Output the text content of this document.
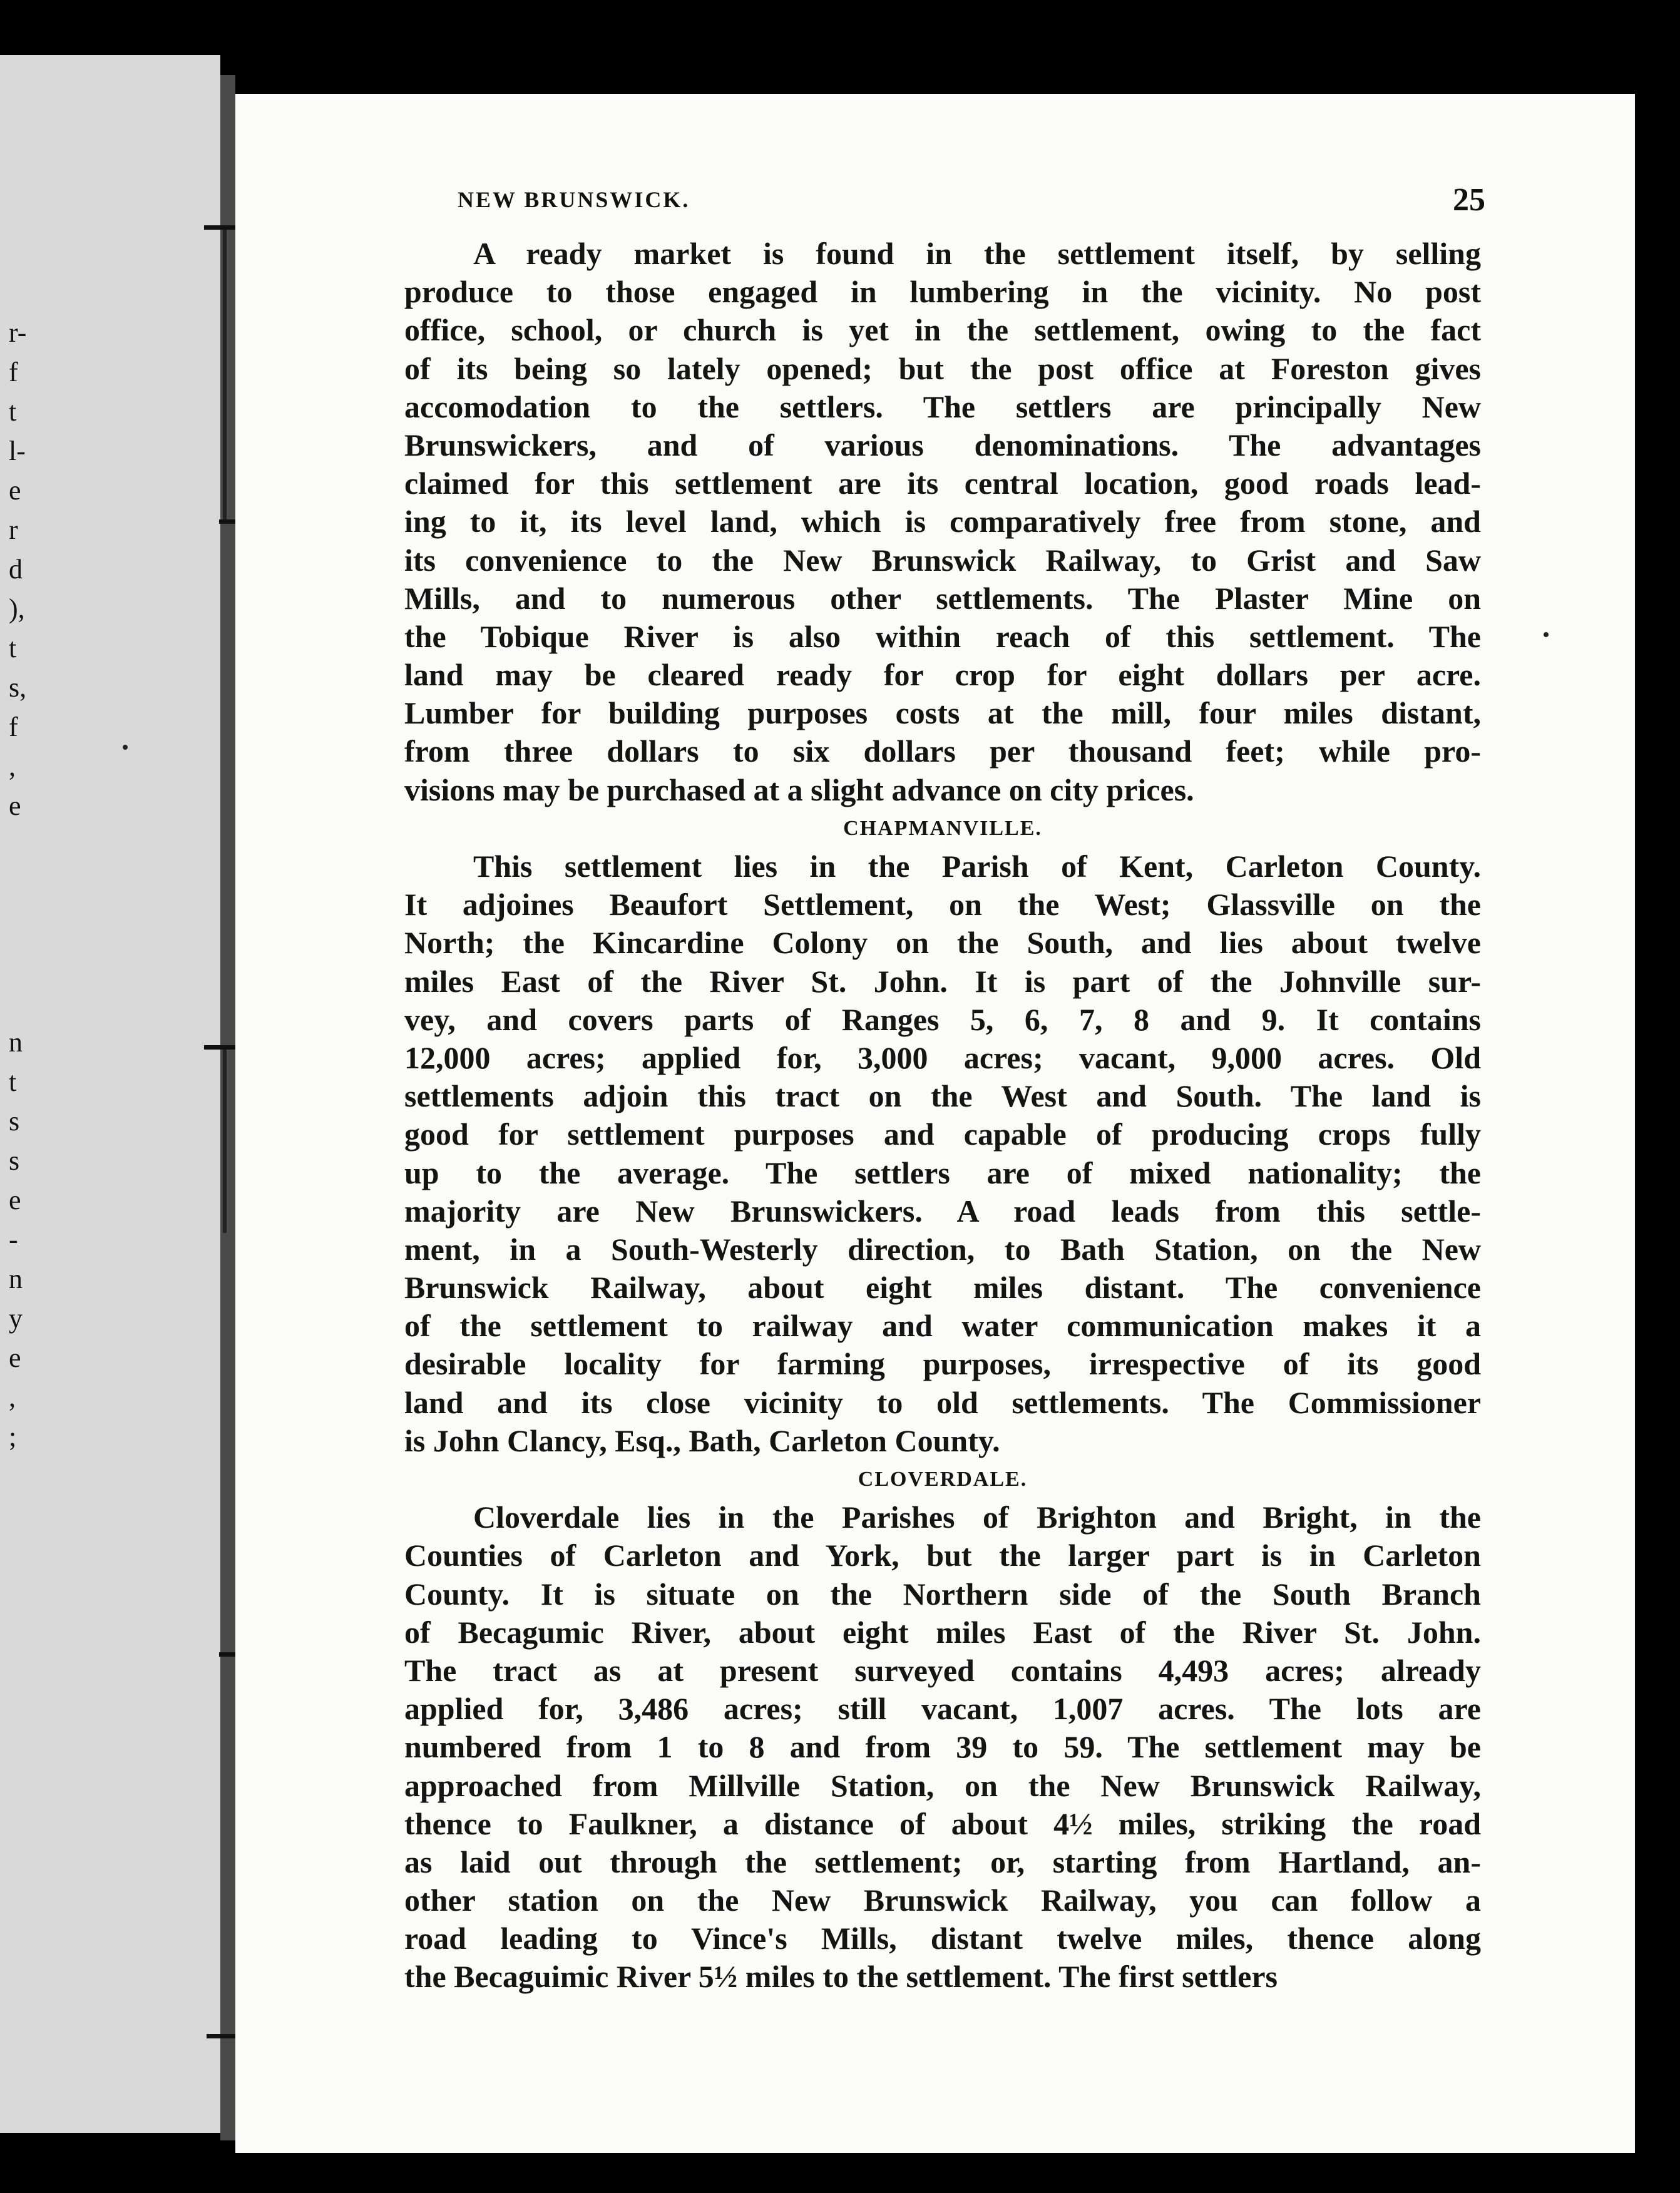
r-
f
t
l-
e
r
d
),
t
s,
f
,
e
n
t
s
s
e
-
n
y
e
,
;
NEW BRUNSWICK.	25
A ready market is found in the settlement itself, by selling
produce to those engaged in lumbering in the vicinity. No post
office, school, or church is yet in the settlement, owing to the fact
of its being so lately opened; but the post office at Foreston gives
accomodation to the settlers. The settlers are principally New
Brunswickers, and of various denominations. The advantages
claimed for this settlement are its central location, good roads lead-
ing to it, its level land, which is comparatively free from stone, and
its convenience to the New Brunswick Railway, to Grist and Saw
Mills, and to numerous other settlements. The Plaster Mine on
the Tobique River is also within reach of this settlement. The
land may be cleared ready for crop for eight dollars per acre.
Lumber for building purposes costs at the mill, four miles distant,
from three dollars to six dollars per thousand feet; while pro-
visions may be purchased at a slight advance on city prices.
CHAPMANVILLE.
This settlement lies in the Parish of Kent, Carleton County.
It adjoines Beaufort Settlement, on the West; Glassville on the
North; the Kincardine Colony on the South, and lies about twelve
miles East of the River St. John. It is part of the Johnville sur-
vey, and covers parts of Ranges 5, 6, 7, 8 and 9. It contains
12,000 acres; applied for, 3,000 acres; vacant, 9,000 acres. Old
settlements adjoin this tract on the West and South. The land is
good for settlement purposes and capable of producing crops fully
up to the average. The settlers are of mixed nationality; the
majority are New Brunswickers. A road leads from this settle-
ment, in a South-Westerly direction, to Bath Station, on the New
Brunswick Railway, about eight miles distant. The convenience
of the settlement to railway and water communication makes it a
desirable locality for farming purposes, irrespective of its good
land and its close vicinity to old settlements. The Commissioner
is John Clancy, Esq., Bath, Carleton County.
CLOVERDALE.
Cloverdale lies in the Parishes of Brighton and Bright, in the
Counties of Carleton and York, but the larger part is in Carleton
County. It is situate on the Northern side of the South Branch
of Becagumic River, about eight miles East of the River St. John.
The tract as at present surveyed contains 4,493 acres; already
applied for, 3,486 acres; still vacant, 1,007 acres. The lots are
numbered from 1 to 8 and from 39 to 59. The settlement may be
approached from Millville Station, on the New Brunswick Railway,
thence to Faulkner, a distance of about 4½ miles, striking the road
as laid out through the settlement; or, starting from Hartland, an-
other station on the New Brunswick Railway, you can follow a
road leading to Vince's Mills, distant twelve miles, thence along
the Becaguimic River 5½ miles to the settlement. The first settlers
